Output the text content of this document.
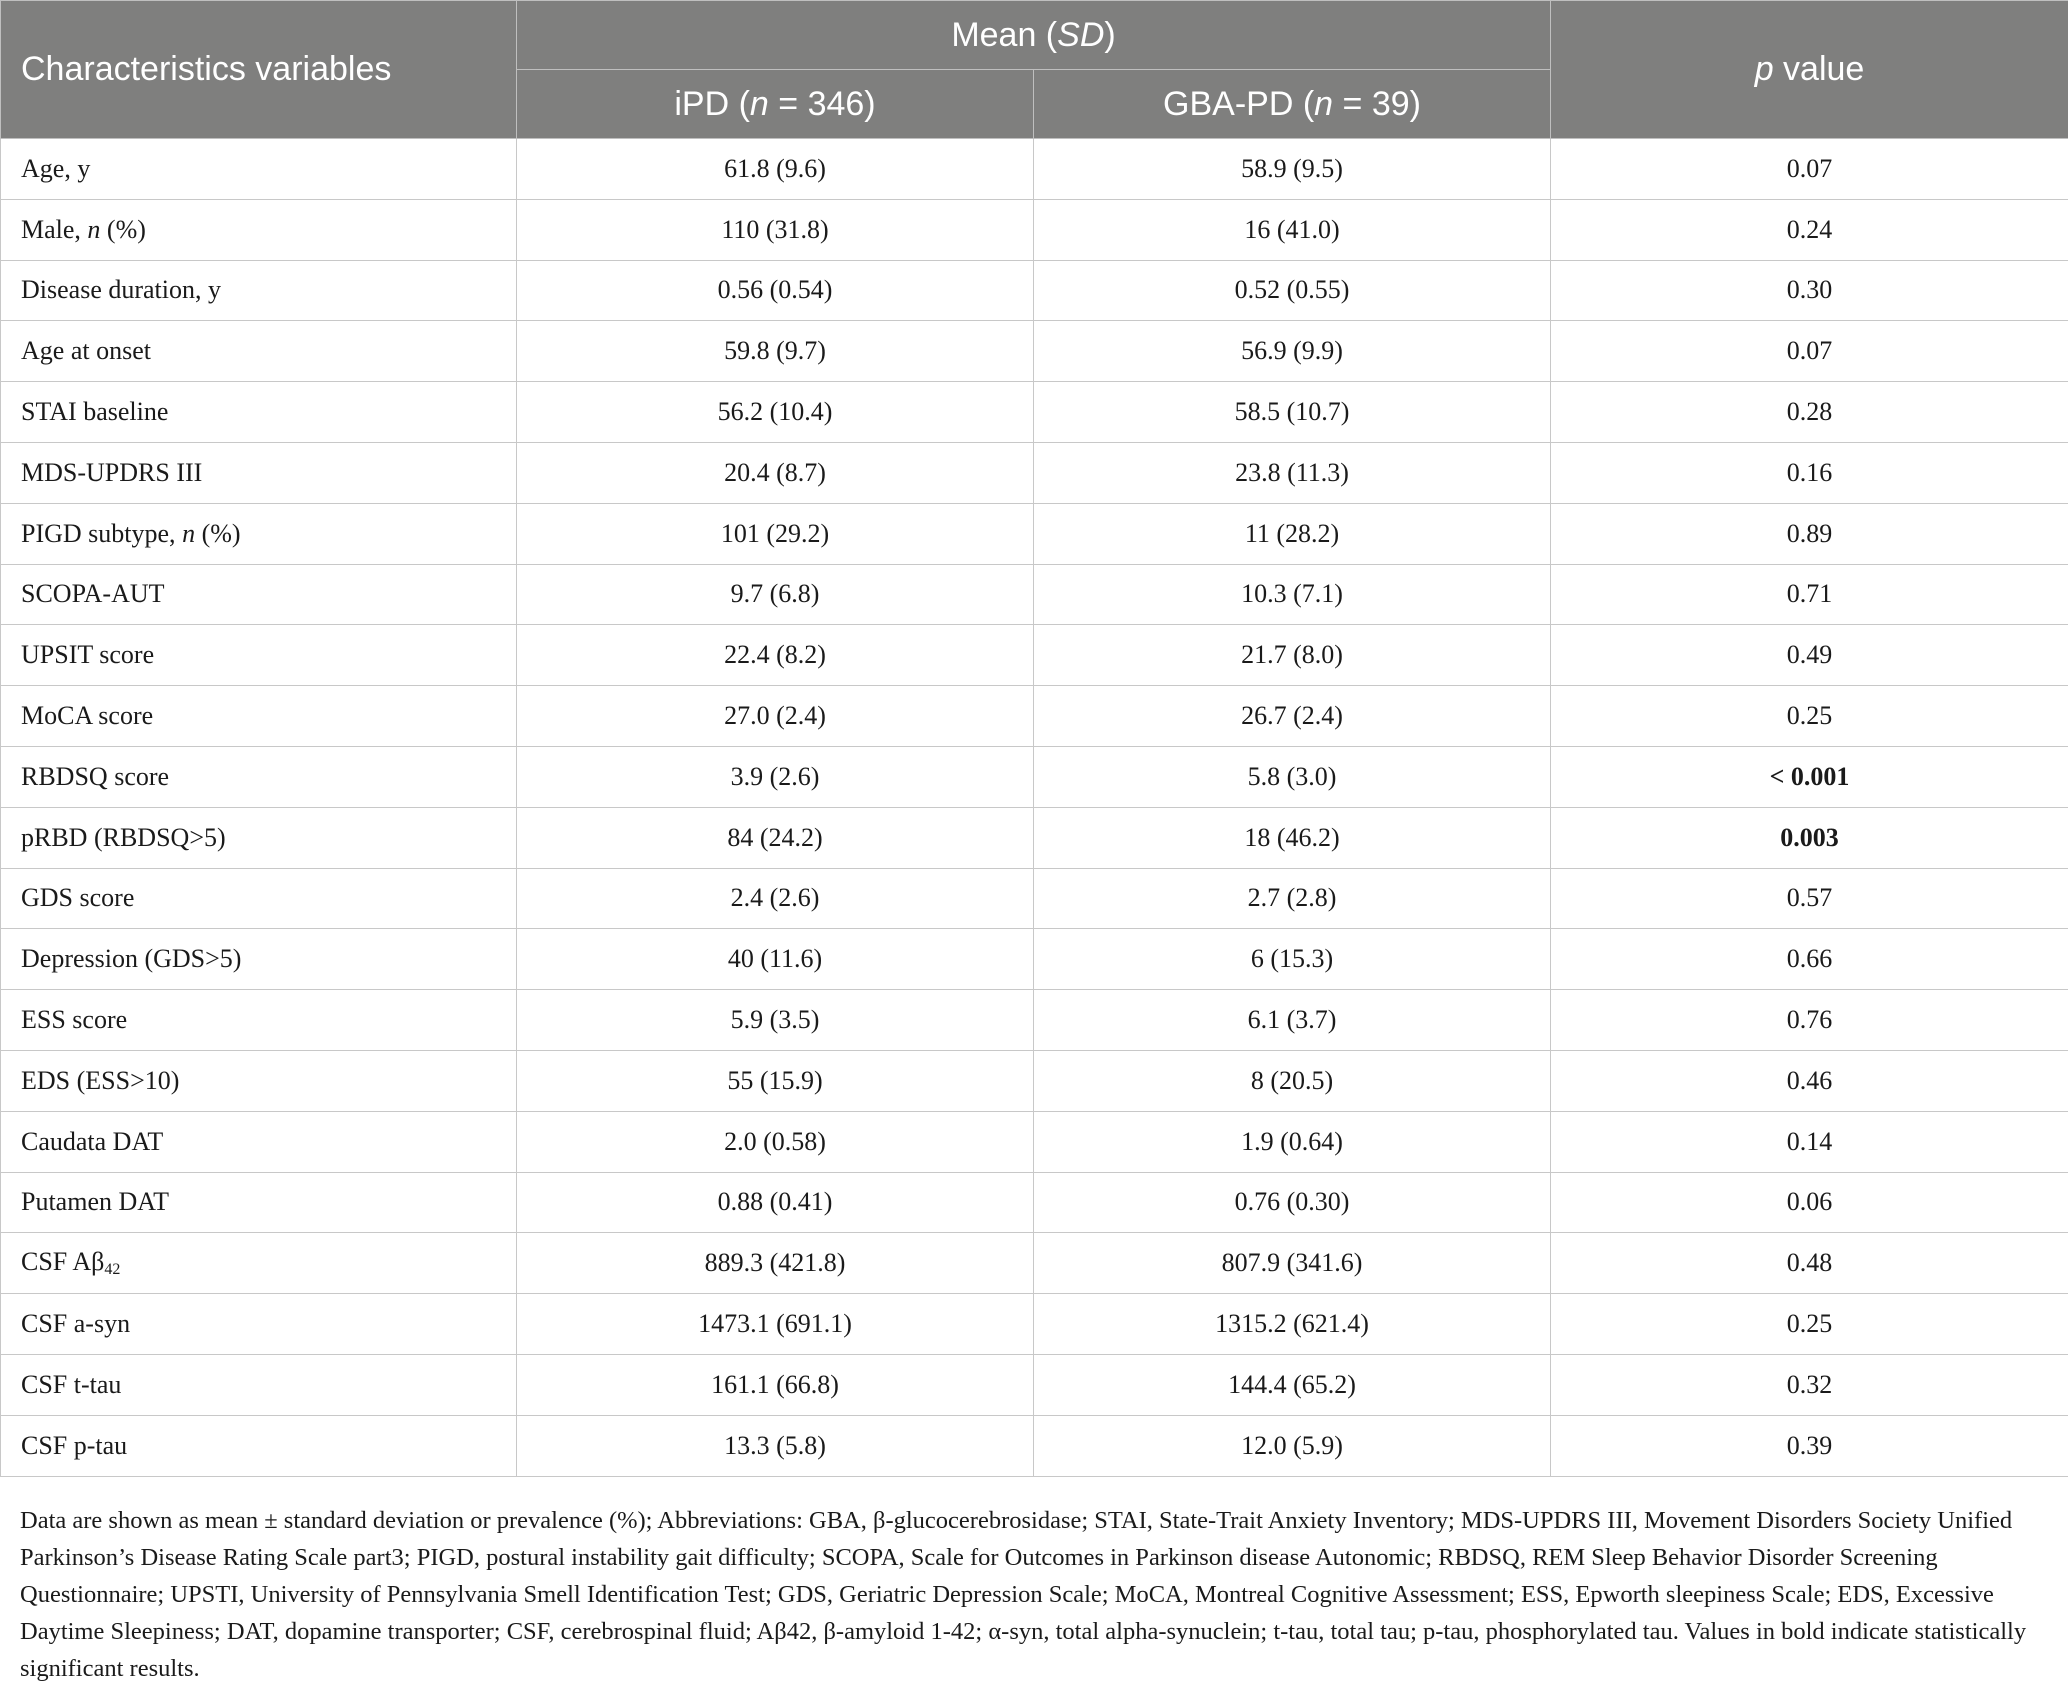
Characteristics variables	Mean (SD)		p value
	iPD (n = 346)	GBA-PD (n = 39)	
Age, y	61.8 (9.6)	58.9 (9.5)	0.07
Male, n (%)	110 (31.8)	16 (41.0)	0.24
Disease duration, y	0.56 (0.54)	0.52 (0.55)	0.30
Age at onset	59.8 (9.7)	56.9 (9.9)	0.07
STAI baseline	56.2 (10.4)	58.5 (10.7)	0.28
MDS-UPDRS III	20.4 (8.7)	23.8 (11.3)	0.16
PIGD subtype, n (%)	101 (29.2)	11 (28.2)	0.89
SCOPA-AUT	9.7 (6.8)	10.3 (7.1)	0.71
UPSIT score	22.4 (8.2)	21.7 (8.0)	0.49
MoCA score	27.0 (2.4)	26.7 (2.4)	0.25
RBDSQ score	3.9 (2.6)	5.8 (3.0)	< 0.001
pRBD (RBDSQ>5)	84 (24.2)	18 (46.2)	0.003
GDS score	2.4 (2.6)	2.7 (2.8)	0.57
Depression (GDS>5)	40 (11.6)	6 (15.3)	0.66
ESS score	5.9 (3.5)	6.1 (3.7)	0.76
EDS (ESS>10)	55 (15.9)	8 (20.5)	0.46
Caudata DAT	2.0 (0.58)	1.9 (0.64)	0.14
Putamen DAT	0.88 (0.41)	0.76 (0.30)	0.06
CSF $A\beta_{42}$	889.3 (421.8)	807.9 (341.6)	0.48
CSF a-syn	1473.1 (691.1)	1315.2 (621.4)	0.25
CSF t-tau	161.1 (66.8)	144.4 (65.2)	0.32
CSF p-tau	13.3 (5.8)	12.0 (5.9)	0.39
Data are shown as mean ± standard deviation or prevalence (%); Abbreviations: GBA, β-glucocerebrosidase; STAI, State-Trait Anxiety Inventory; MDS-UPDRS III, Movement Disorders Society Unified Parkinson’s Disease Rating Scale part3; PIGD, postural instability gait difficulty; SCOPA, Scale for Outcomes in Parkinson disease Autonomic; RBDSQ, REM Sleep Behavior Disorder Screening Questionnaire; UPSTI, University of Pennsylvania Smell Identification Test; GDS, Geriatric Depression Scale; MoCA, Montreal Cognitive Assessment; ESS, Epworth sleepiness Scale; EDS, Excessive Daytime Sleepiness; DAT, dopamine transporter; CSF, cerebrospinal fluid; Aβ42, β-amyloid 1-42; α-syn, total alpha-synuclein; t-tau, total tau; p-tau, phosphorylated tau. Values in bold indicate statistically significant results.
